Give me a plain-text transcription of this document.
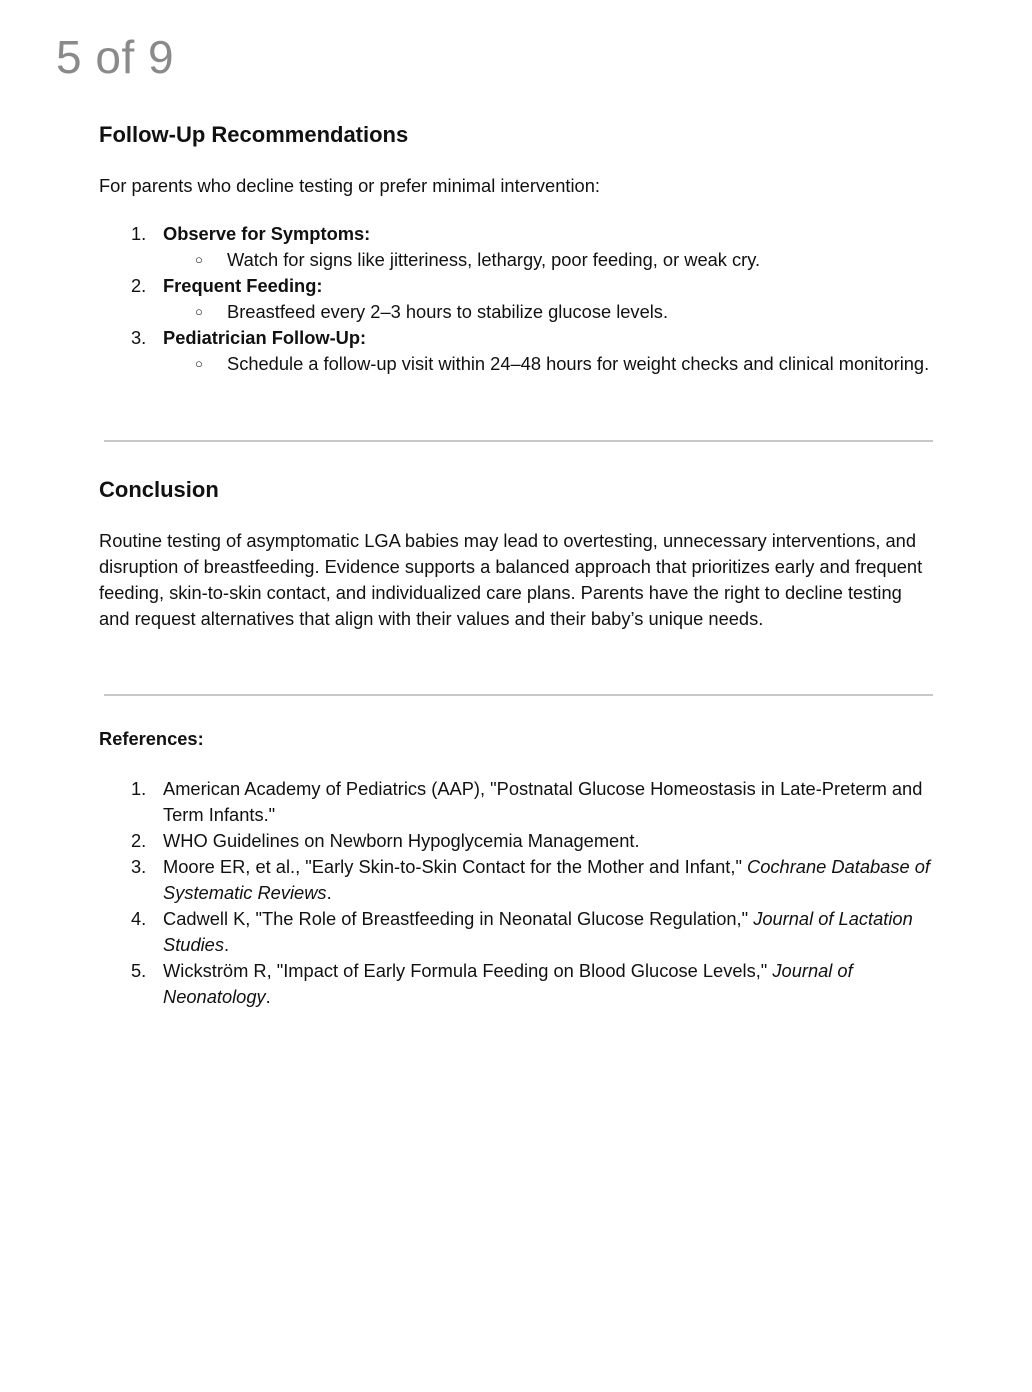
5 of 9
Follow-Up Recommendations

For parents who decline testing or prefer minimal intervention:

1. Observe for Symptoms:
○ Watch for signs like jitteriness, lethargy, poor feeding, or weak cry.
2. Frequent Feeding:
○ Breastfeed every 2–3 hours to stabilize glucose levels.
3. Pediatrician Follow-Up:
○ Schedule a follow-up visit within 24–48 hours for weight checks and clinical monitoring.
Conclusion

Routine testing of asymptomatic LGA babies may lead to overtesting, unnecessary interventions, and disruption of breastfeeding. Evidence supports a balanced approach that prioritizes early and frequent feeding, skin-to-skin contact, and individualized care plans. Parents have the right to decline testing and request alternatives that align with their values and their baby’s unique needs.

References:
1. American Academy of Pediatrics (AAP), "Postnatal Glucose Homeostasis in Late-Preterm and Term Infants."
2. WHO Guidelines on Newborn Hypoglycemia Management.
3. Moore ER, et al., "Early Skin-to-Skin Contact for the Mother and Infant," Cochrane Database of Systematic Reviews.
4. Cadwell K, "The Role of Breastfeeding in Neonatal Glucose Regulation," Journal of Lactation Studies.
5. Wickström R, "Impact of Early Formula Feeding on Blood Glucose Levels," Journal of Neonatology.
